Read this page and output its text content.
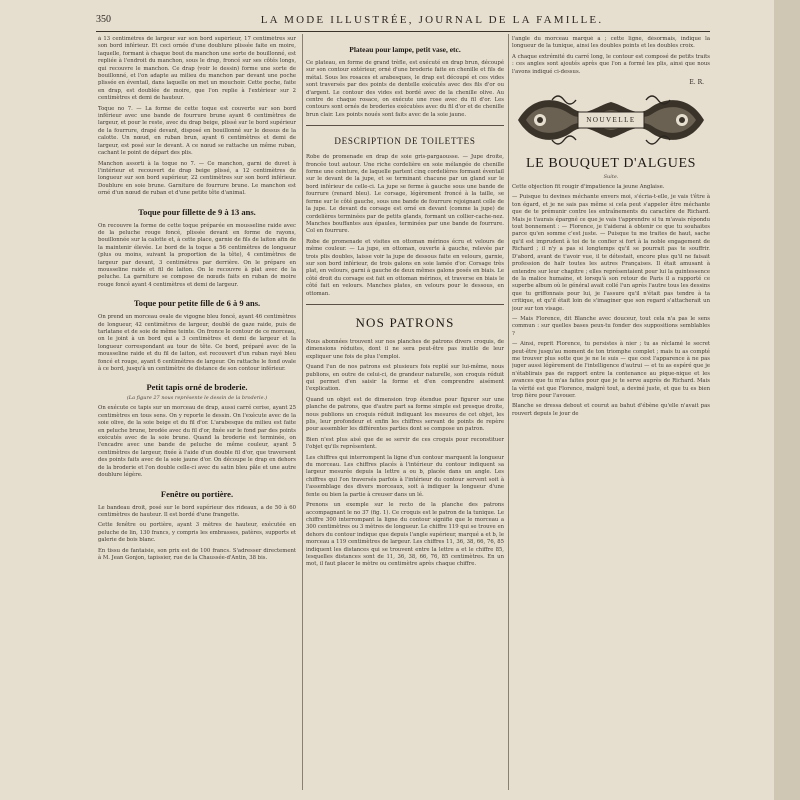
350	LA MODE ILLUSTRÉE, JOURNAL DE LA FAMILLE.

à 13 centimètres de largeur sur son bord supérieur, 17 centimètres sur son bord inférieur. Et ceci ornée d'une doublure plissée faite en moire, laquelle, formant à chaque bout du manchon une sorte de bouillonné, est repliée à l'endroit du manchon, sous le drap, froncé sur ses côtés longs, qui recouvre le manchon. Ce drap (voir le dessin) forme une sorte de bouillonné, et l'on adapte au milieu du manchon par devant une poche plissée en éventail, dans laquelle on met un mouchoir. Cette poche, faite en drap, est doublée de moire, que l'on replie à l'extérieur sur 2 centimètres et demi de hauteur.

Toque no 7. — La forme de cette toque est couverte sur son bord inférieur avec une bande de fourrure brune ayant 6 centimètres de largeur, et pour le reste, avec du drap beige, plissé sur le bord supérieur de la fourrure, drapé devant, disposé en bouillonné sur le dessus de la calotte. Un nœud, en ruban brun, ayant 6 centimètres et demi de largeur, est posé sur le devant. A ce nœud se rattache un même ruban, cachant le point de départ des plis.

Manchon assorti à la toque no 7. — Ce manchon, garni de duvet à l'intérieur et recouvert de drap beige plissé, a 12 centimètres de longueur sur son bord supérieur, 22 centimètres sur son bord inférieur. Doublure en soie brune. Garniture de fourrure brune. Le manchon est orné d'un nœud de ruban et d'une petite tête d'animal.

Toque pour fillette de 9 à 13 ans.

On recouvre la forme de cette toque préparée en mousseline raide avec de la peluche rouge foncé, plissée devant en forme de rayons, bouillonnée sur la calotte et, à cette place, garnie de fils de laiton afin de la maintenir élevée. Le bord de la toque a 56 centimètres de longueur (plus ou moins, suivant la proportion de la tête), 4 centimètres de largeur par devant, 3 centimètres par derrière. On le prépare en mousseline raide et fil de laiton. On le recouvre à plat avec de la peluche. La garniture se compose de nœuds faits en ruban de moire rouge foncé ayant 4 centimètres et demi de largeur.

Toque pour petite fille de 6 à 9 ans.

On prend un morceau ovale de vigogne bleu foncé, ayant 46 centimètres de longueur, 42 centimètres de largeur, doublé de gaze raide, puis de tarlatane et de soie de même teinte. On fronce le contour de ce morceau, on le joint à un bord qui a 3 centimètres et demi de largeur et la longueur correspondant au tour de tête. Ce bord, préparé avec de la mousseline raide et du fil de laiton, est recouvert d'un ruban rayé bleu foncé et rouge, ayant 6 centimètres de largeur. On rattache le fond ovale à ce bord, jusqu'à un centimètre de distance de son contour inférieur.

Petit tapis orné de broderie.
(La figure 27 nous représente le dessin de la broderie.)

On exécute ce tapis sur un morceau de drap, aussi carré cerise, ayant 25 centimètres en tous sens. On y reporte le dessin. On l'exécute avec de la soie olive, de la soie beige et du fil d'or. L'arabesque du milieu est faite en peluche brune, brodée avec du fil d'or, fixée sur le fond par des points exécutés avec de la soie brune. Quand la broderie est terminée, on l'encadre avec une bande de peluche de même couleur, ayant 5 centimètres de largeur, fixée à l'aide d'un double fil d'or, que traversent des points faits avec de la soie jaune d'or. On découpe le drap en dehors de la broderie et l'on double celle-ci avec du satin bleu pâle et une autre doublure légère.

Fenêtre ou portière.

Le bandeau droit, posé sur le bord supérieur des rideaux, a de 50 à 60 centimètres de hauteur. Il est bordé d'une frangette.

Cette fenêtre ou portière, ayant 3 mètres de hauteur, exécutée en peluche de lin, 130 francs, y compris les embrasses, patères, supports et galerie de bois blanc.

En tissu de fantaisie, son prix est de 100 francs. S'adresser directement à M. Jean Gonjon, tapissier, rue de la Chaussée-d'Antin, 38 bis.

Plateau pour lampe, petit vase, etc.

Ce plateau, en forme de grand trèfle, est exécuté en drap brun, découpé sur son contour extérieur, orné d'une broderie faite en chenille et fils de métal. Sous les rosaces et arabesques, le drap est découpé et ces vides sont traversés par des points de dentelle exécutés avec des fils d'or ou d'argent. Le contour des vides est bordé avec de la chenille olive. Au centre de chaque rosace, on exécute une rose avec du fil d'or. Les contours sont ornés de broderies exécutées avec du fil d'or et de chenille brun clair. Les points noués sont faits avec de la soie jaune.

DESCRIPTION DE TOILETTES

Robe de promenade en drap de soie gris-pargaousse. — Jupe droite, froncée tout autour. Une riche cordelière en soie mélangée de chenille forme une ceinture, de laquelle partent cinq cordelières formant éventail sur le devant de la jupe, et se terminant chacune par un gland sur le bord inférieur de celle-ci. La jupe se ferme à gauche sous une bande de fourrure (renard bleu). Le corsage, légèrement froncé à la taille, se ferme sur le côté gauche, sous une bande de fourrure rejoignant celle de la jupe. Le devant du corsage est orné en devant (comme la jupe) de cordelières terminées par de petits glands, formant un collier-cache-nez. Manches bouffantes aux épaules, terminées par une bande de fourrure. Col en fourrure.

Robe de promenade et visites en ottoman mérinos écru et velours de même couleur. — La jupe, en ottoman, ouverte à gauche, relevée par trois plis doubles, laisse voir la jupe de dessous faite en velours, garnie, sur son bord inférieur, de trois galons en soie lamée d'or. Corsage très plat, en velours, garni à gauche de deux mêmes galons posés en biais. Le côté droit du corsage est fait en ottoman mérinos, et traverse en biais le côté fait en velours. Manches plates, en velours pour le dessous, en ottoman.

NOS PATRONS

Nous abonnées trouvent sur nos planches de patrons divers croquis, de dimensions réduites, dont il ne sera peut-être pas inutile de leur expliquer une fois de plus l'emploi.

Quand l'un de nos patrons est plusieurs fois replié sur lui-même, nous publions, en outre de celui-ci, de grandeur naturelle, son croquis réduit qui permet d'en saisir la forme et d'en comprendre aisément l'explication.

Quand un objet est de dimension trop étendue pour figurer sur une planche de patrons, que d'autre part sa forme simple est presque droite, nous publions un croquis réduit indiquant les mesures de cet objet, les plis, leur profondeur et enfin les chiffres servant de points de repère pour assembler les différentes parties dont se compose un patron.

Bien n'est plus aisé que de se servir de ces croquis pour reconstituer l'objet qu'ils représentent.

Les chiffres qui interrompent la ligne d'un contour marquent la longueur du morceau. Les chiffres placés à l'intérieur du contour indiquent sa largeur mesurée depuis la lettre a ou b, placée dans un angle. Les chiffres qui l'on traversés parfois à l'intérieur du contour servent soit à l'assemblage des divers morceaux, soit à indiquer la longueur d'une fente ou bien la partie à creuser dans un lé.

Prenons un exemple sur le recto de la planche des patrons accompagnant le no 37 (fig. 1). Ce croquis est le patron de la tunique. Le chiffre 300 interrompant la ligne du contour signifie que le morceau a 300 centimètres ou 3 mètres de longueur. Le chiffre 119 qui se trouve en dehors du contour indique que depuis l'angle supérieur, marqué a et b, le morceau a 119 centimètres de largeur. Les chiffres 11, 36, 38, 66, 76, 85 indiquent les distances qui se trouvent entre la lettre a et le chiffre 85, lesquelles distances sont de 11, 36, 38, 66, 76, 85 centimètres. En un mot, il faut placer le mètre ou centimètre après chaque chiffre.

l'angle du morceau marqué a ; cette ligne, désormais, indique la longueur de la tunique, ainsi les doubles points et les doubles croix.

A chaque extrémité du carré long, le contour est composé de petits traits : ces angles sont ajoutés après que l'on a formé les plis, ainsi que nous l'avons indiqué ci-dessus.

E. R.
NOUVELLE
LE BOUQUET D'ALGUES
Suite.

Cette objection fit rougir d'impatience la jeune Anglaise.

— Puisque tu devines méchante envers moi, s'écria-t-elle, je vais t'être à ton égard, et je ne sais pas même si cela peut s'appeler être méchante que de te prémunir contre les entraînements du caractère de Richard. Mais je t'aurais épargné ce que je vais t'apprendre si tu m'avais répondu tout bonnement : — Florence, je t'aiderai à obtenir ce que tu souhaites parce qu'en somme c'est juste. — Puisque tu me traites de haut, sache qu'il est imprudent à toi de te confier si fort à la noble engagement de Richard ; il n'y a pas si longtemps qu'il se pourrait pas te souffrir. D'abord, avant de t'avoir vue, il te détestait, encore plus qu'il ne faisait profession de haïr toutes les autres Françaises. Il était amusant à entendre sur leur chapitre ; elles représentaient pour lui la quintessence de la malice humaine, et lorsqu'à son retour de Paris il a rapporté ce superbe album où le général avait collé l'un après l'autre tous les dessins que tu griffonnais pour lui, je l'assure qu'il n'était pas tendre à ta critique, et qu'il était loin de s'imaginer que son regard s'attacherait un jour sur ton visage.

— Mais Florence, dit Blanche avec douceur, tout cela n'a pas le sens commun : sur quelles bases peux-tu fonder des suppositions semblables ?

— Ainsi, reprit Florence, tu persistes à nier ; tu as réclamé le secret peut-être jusqu'au moment de ton triomphe complet ; mais tu as compté me trouver plus sotte que je ne le suis — que cest l'apparence à ne pas juger aussi légèrement de l'intelligence d'autrui — et tu as espéré que je n'établirais pas de rapport entre la contenance au pique-nique et les avances que tu m'as faites pour que je te serve auprès de Richard. Mais la vérité est que Florence, malgré tout, a deviné juste, et que tu es bien trop fière pour l'avouer.

Blanche se dressa debout et courut au bahut d'ébène qu'elle n'avait pas rouvert depuis le jour de
